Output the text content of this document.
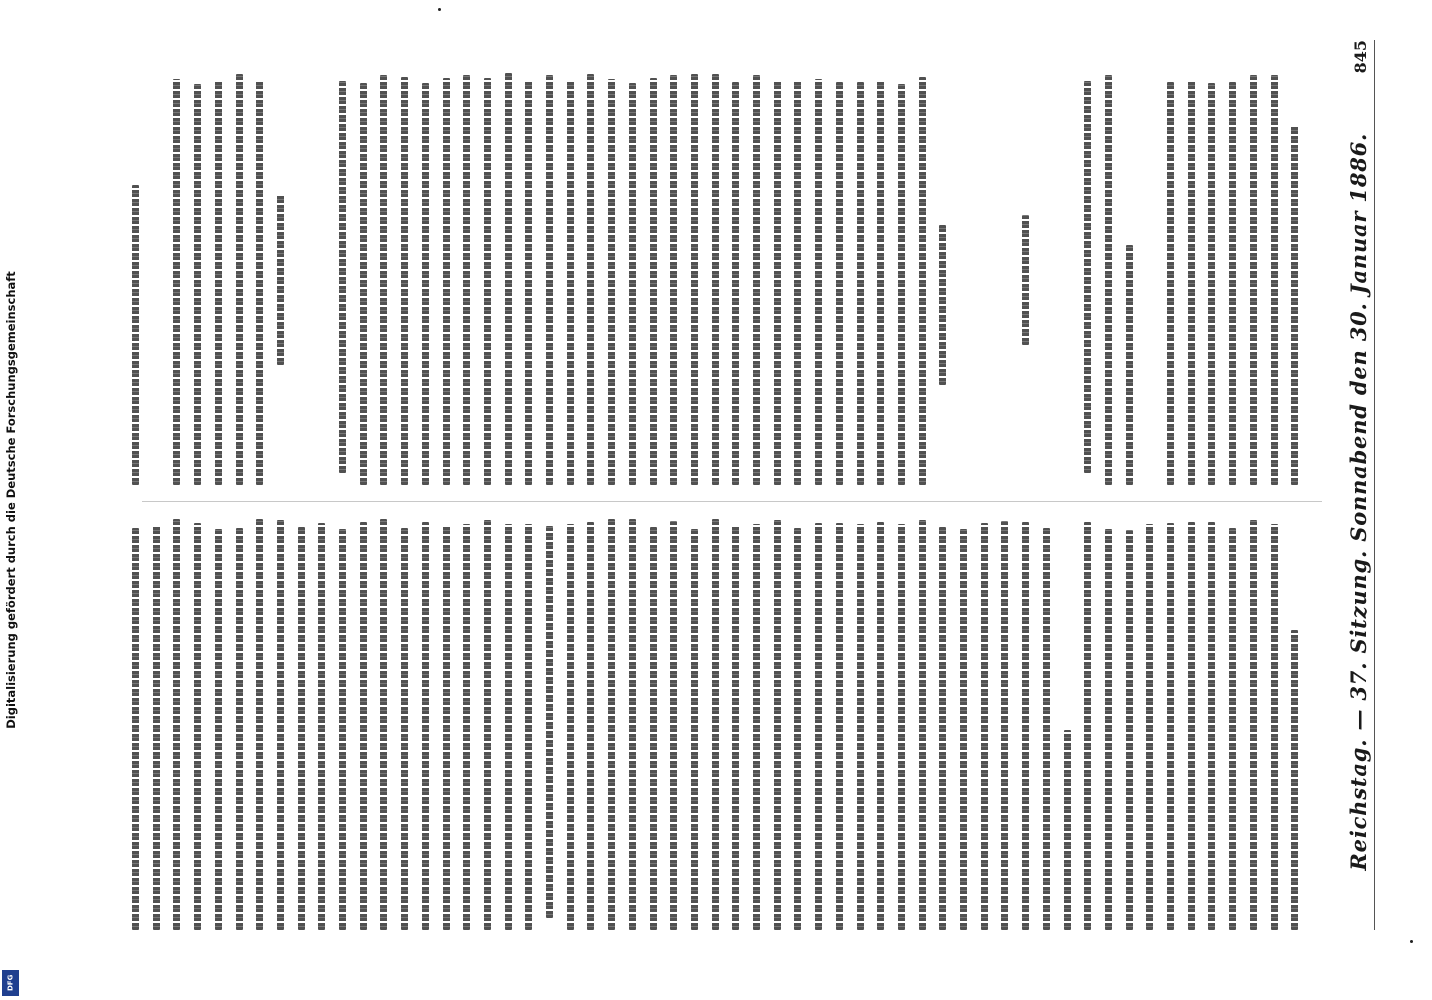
Digitalisierung gefördert durch die Deutsche Forschungsgemeinschaft
DFG
Reichstag. — 37. Sitzung. Sonnabend den 30. Januar 1886.
845
